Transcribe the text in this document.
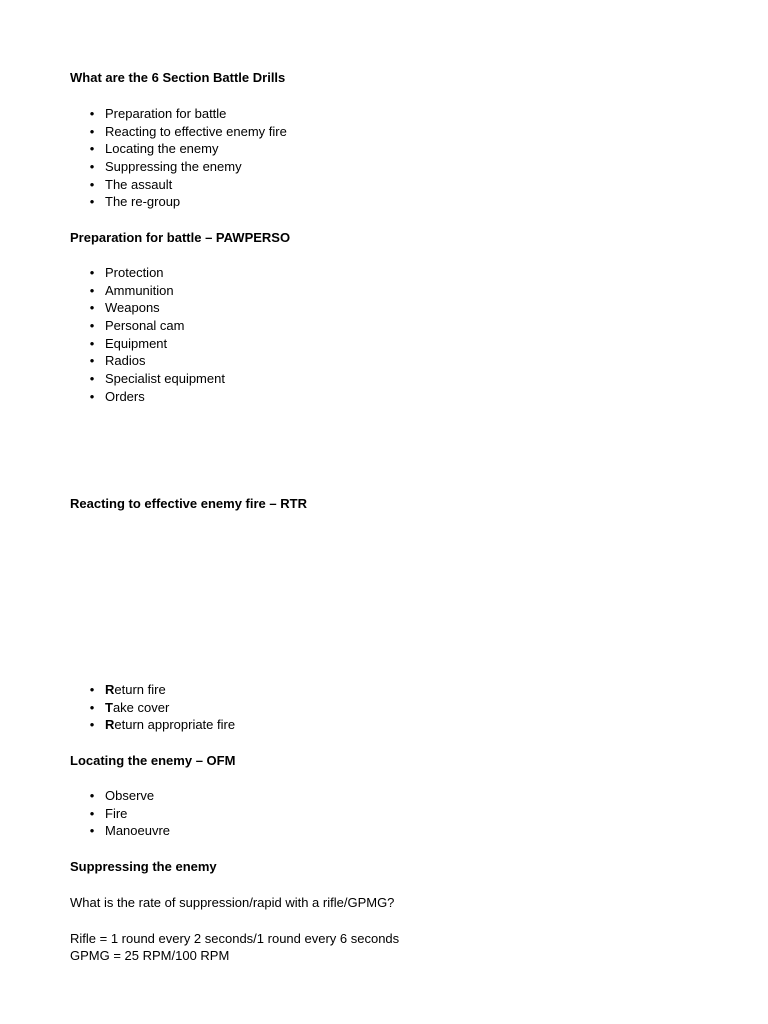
What are the 6 Section Battle Drills
• Preparation for battle
• Reacting to effective enemy fire
• Locating the enemy
• Suppressing the enemy
• The assault
• The re-group
Preparation for battle – PAWPERSO
• Protection
• Ammunition
• Weapons
• Personal cam
• Equipment
• Radios
• Specialist equipment
• Orders
Reacting to effective enemy fire – RTR
• Return fire
• Take cover
• Return appropriate fire
Locating the enemy – OFM
• Observe
• Fire
• Manoeuvre
Suppressing the enemy
What is the rate of suppression/rapid with a rifle/GPMG?
Rifle = 1 round every 2 seconds/1 round every 6 seconds
GPMG = 25 RPM/100 RPM
